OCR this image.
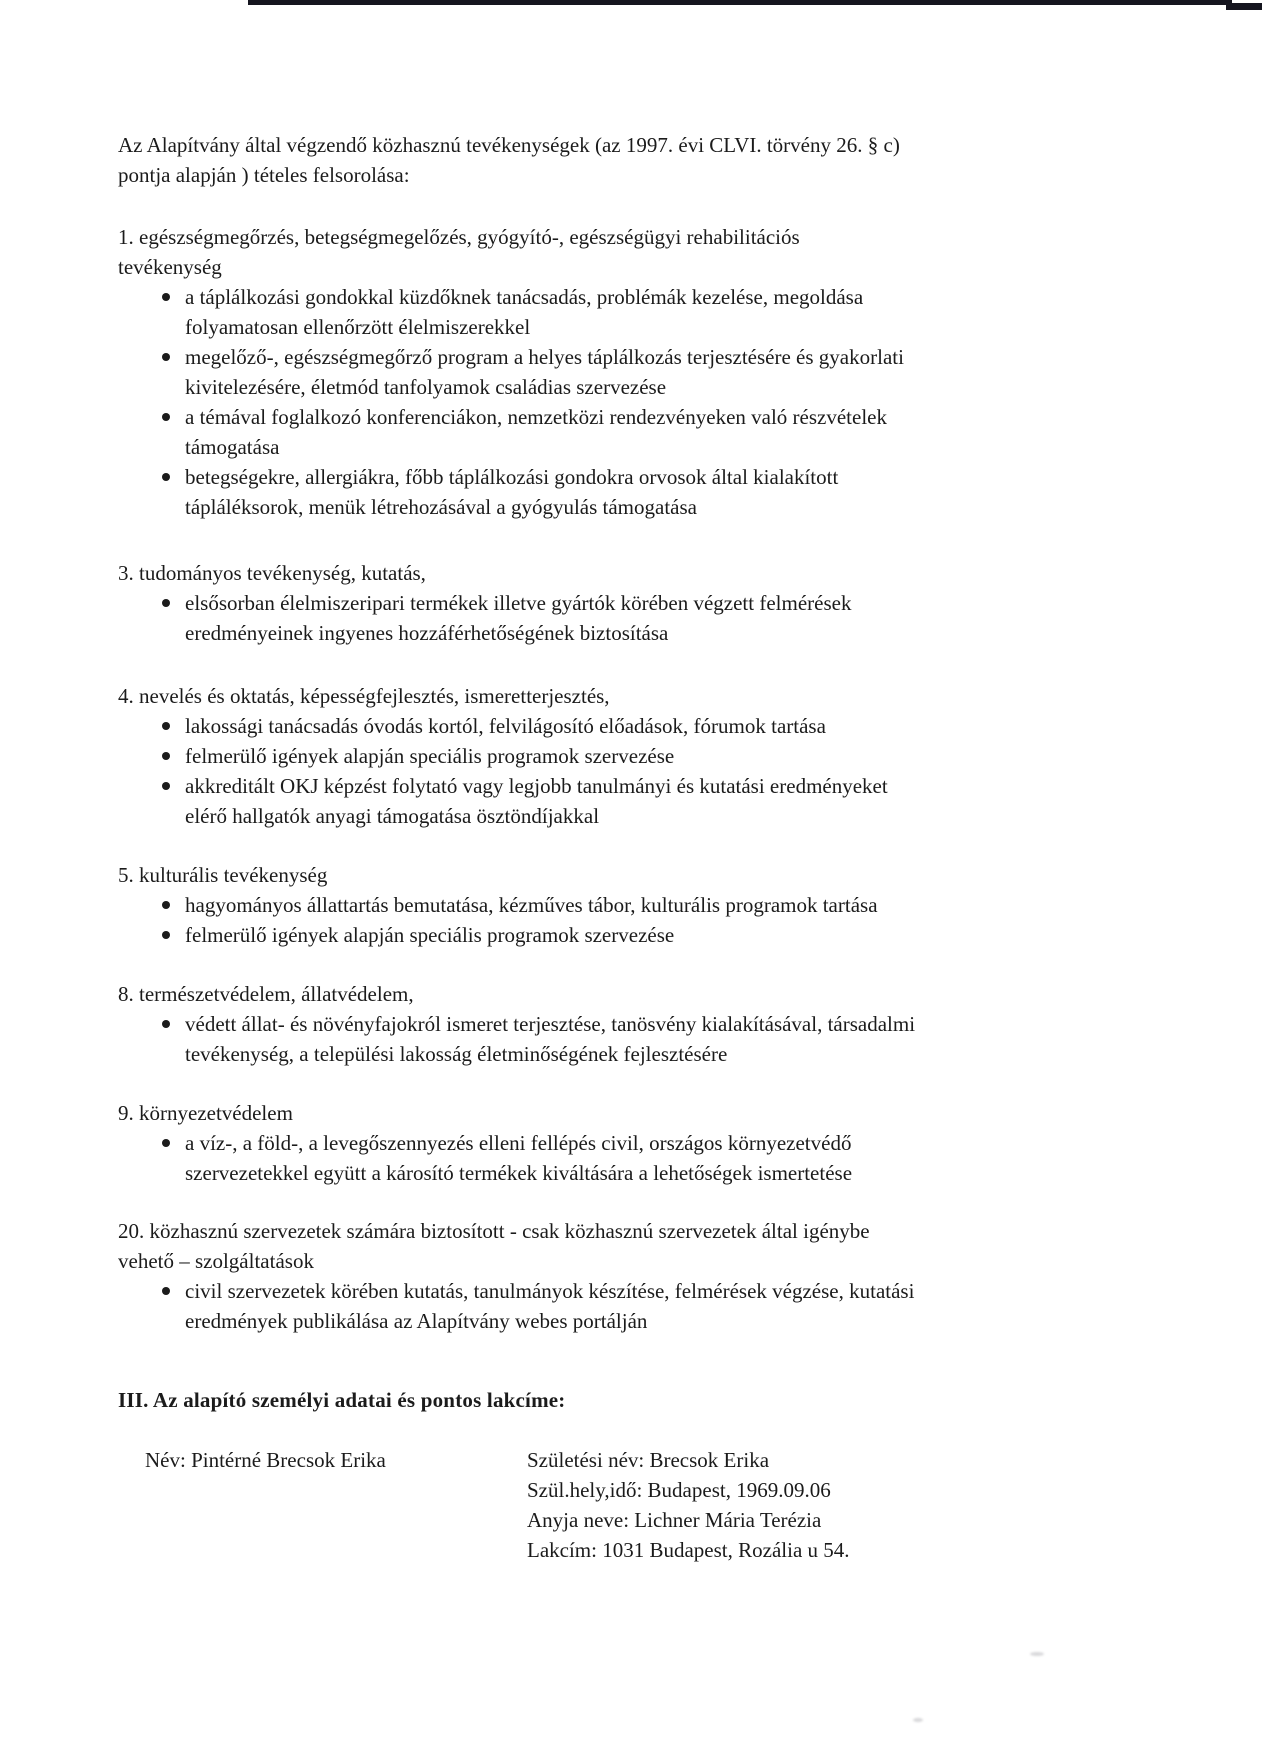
Az Alapítvány által végzendő közhasznú tevékenységek (az 1997. évi CLVI. törvény 26. § c)
pontja alapján ) tételes felsorolása:
1. egészségmegőrzés, betegségmegelőzés, gyógyító-, egészségügyi rehabilitációs
tevékenység
a táplálkozási gondokkal küzdőknek tanácsadás, problémák kezelése, megoldása
folyamatosan ellenőrzött élelmiszerekkel
megelőző-, egészségmegőrző program a helyes táplálkozás terjesztésére és gyakorlati
kivitelezésére, életmód tanfolyamok családias szervezése
a témával foglalkozó konferenciákon, nemzetközi rendezvényeken való részvételek
támogatása
betegségekre, allergiákra, főbb táplálkozási gondokra orvosok által kialakított
tápláléksorok, menük létrehozásával a gyógyulás támogatása
3. tudományos tevékenység, kutatás,
elsősorban élelmiszeripari termékek illetve gyártók körében végzett felmérések
eredményeinek ingyenes hozzáférhetőségének biztosítása
4. nevelés és oktatás, képességfejlesztés, ismeretterjesztés,
lakossági tanácsadás óvodás kortól, felvilágosító előadások, fórumok tartása
felmerülő igények alapján speciális programok szervezése
akkreditált OKJ képzést folytató vagy legjobb tanulmányi és kutatási eredményeket
elérő hallgatók anyagi támogatása ösztöndíjakkal
5. kulturális tevékenység
hagyományos állattartás bemutatása, kézműves tábor, kulturális programok tartása
felmerülő igények alapján speciális programok szervezése
8. természetvédelem, állatvédelem,
védett állat- és növényfajokról ismeret terjesztése, tanösvény kialakításával, társadalmi
tevékenység, a települési lakosság életminőségének fejlesztésére
9. környezetvédelem
a víz-, a föld-, a levegőszennyezés elleni fellépés civil, országos környezetvédő
szervezetekkel együtt a károsító termékek kiváltására a lehetőségek ismertetése
20. közhasznú szervezetek számára biztosított - csak közhasznú szervezetek által igénybe
vehető – szolgáltatások
civil szervezetek körében kutatás, tanulmányok készítése, felmérések végzése, kutatási
eredmények publikálása az Alapítvány webes portálján
III. Az alapító személyi adatai és pontos lakcíme:
Név: Pintérné Brecsok Erika	Születési név: Brecsok Erika
Szül.hely,idő: Budapest, 1969.09.06
Anyja neve: Lichner Mária Terézia
Lakcím: 1031 Budapest, Rozália u 54.
